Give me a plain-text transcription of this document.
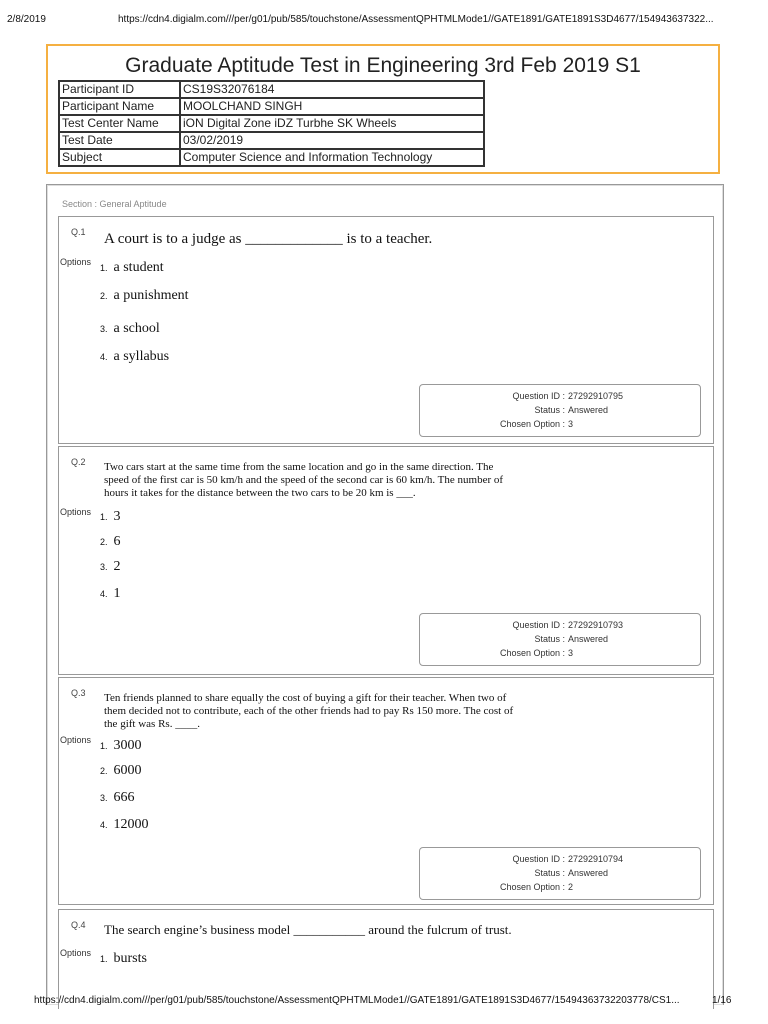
2/8/2019	https://cdn4.digialm.com///per/g01/pub/585/touchstone/AssessmentQPHTMLMode1//GATE1891/GATE1891S3D4677/154943637322...
Graduate Aptitude Test in Engineering 3rd Feb 2019 S1
Participant ID	CS19S32076184
Participant Name	MOOLCHAND SINGH
Test Center Name	iON Digital Zone iDZ Turbhe SK Wheels
Test Date	03/02/2019
Subject	Computer Science and Information Technology
Section : General Aptitude
Q.1 A court is to a judge as _____________ is to a teacher.
Options
1. a student
2. a punishment
3. a school
4. a syllabus
Question ID : 27292910795
Status : Answered
Chosen Option : 3
Q.2 Two cars start at the same time from the same location and go in the same direction. The speed of the first car is 50 km/h and the speed of the second car is 60 km/h. The number of hours it takes for the distance between the two cars to be 20 km is ___.
Options 1. 3
2. 6
3. 2
4. 1
Question ID : 27292910793
Status : Answered
Chosen Option : 3
Q.3 Ten friends planned to share equally the cost of buying a gift for their teacher. When two of them decided not to contribute, each of the other friends had to pay Rs 150 more. The cost of the gift was Rs. ____.
Options
1. 3000
2. 6000
3. 666
4. 12000
Question ID : 27292910794
Status : Answered
Chosen Option : 2
Q.4 The search engine’s business model ___________ around the fulcrum of trust.
Options
1. bursts
https://cdn4.digialm.com///per/g01/pub/585/touchstone/AssessmentQPHTMLMode1//GATE1891/GATE1891S3D4677/15494363732203778/CS1...	1/16
